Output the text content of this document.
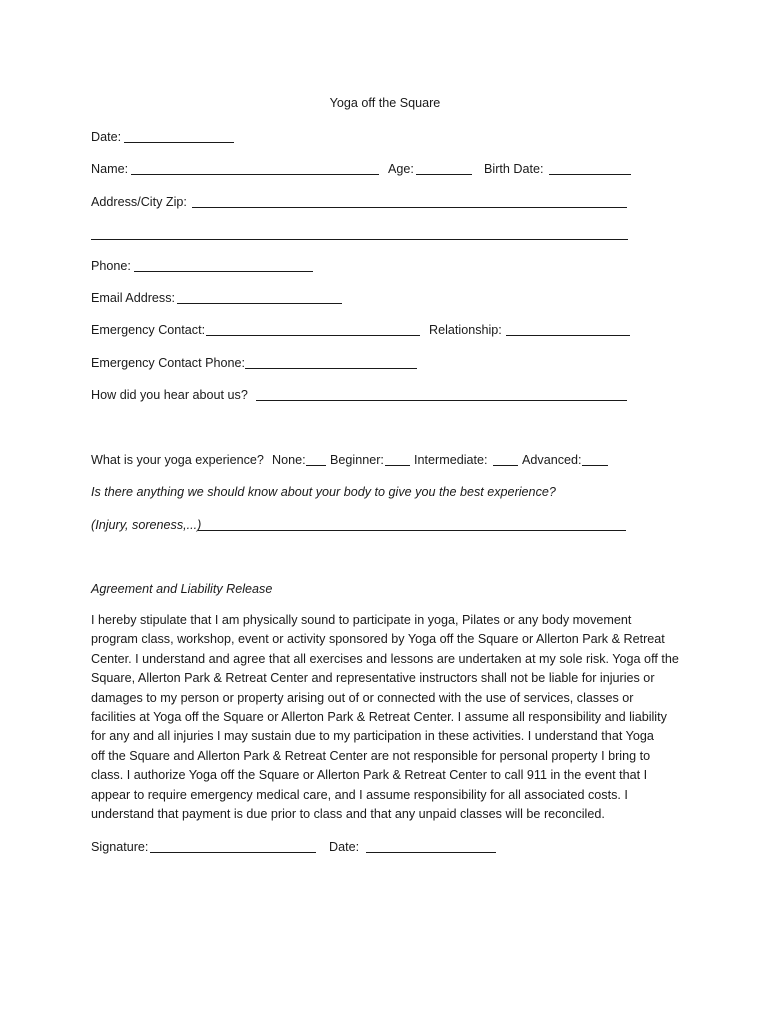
Yoga off the Square
Date:
Name:	Age:	Birth Date:
Address/City Zip:
Phone:
Email Address:
Emergency Contact:	Relationship:
Emergency Contact Phone:
How did you hear about us?
What is your yoga experience? None: Beginner: Intermediate:	Advanced:
Is there anything we should know about your body to give you the best experience?
(Injury, soreness,...)
Agreement and Liability Release
I hereby stipulate that I am physically sound to participate in yoga, Pilates or any body movement
program class, workshop, event or activity sponsored by Yoga off the Square or Allerton Park & Retreat
Center. I understand and agree that all exercises and lessons are undertaken at my sole risk. Yoga off the
Square, Allerton Park & Retreat Center and representative instructors shall not be liable for injuries or
damages to my person or property arising out of or connected with the use of services, classes or
facilities at Yoga off the Square or Allerton Park & Retreat Center. I assume all responsibility and liability
for any and all injuries I may sustain due to my participation in these activities. I understand that Yoga
off the Square and Allerton Park & Retreat Center are not responsible for personal property I bring to
class. I authorize Yoga off the Square or Allerton Park & Retreat Center to call 911 in the event that I
appear to require emergency medical care, and I assume responsibility for all associated costs. I
understand that payment is due prior to class and that any unpaid classes will be reconciled.
Signature:	Date:
